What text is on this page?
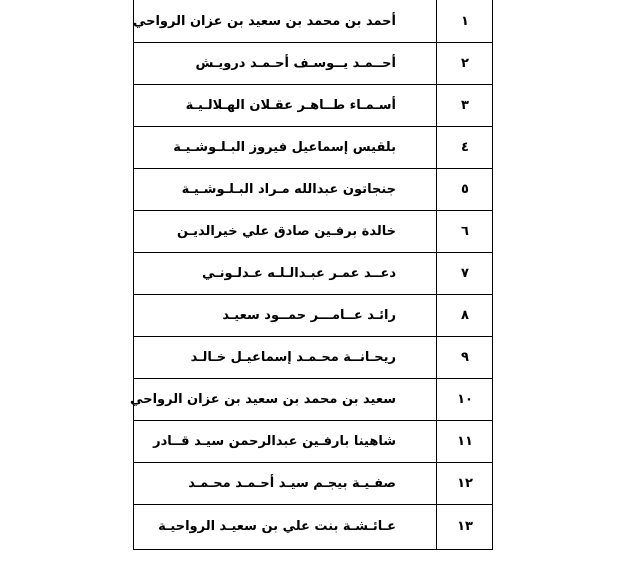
أحمد بن محمد بن سعيد بن عزان الرواحي	١
أحــمـد يــوسـف أحـمـد درويـش	٢
أسـمـاء طــاهـر عقـلان الهـلالـيـة	٣
بلقيس إسماعيل فيروز البـلـوشـيـة	٤
جنجاتون عبدالله مـراد البـلـوشـيـة	٥
خالدة برفـين صادق علي خيرالديـن	٦
دعــد عمـر عبـدالـلـه عـدلـونـي	٧
رائـد عــامـــر حمــود سعيـد	٨
ريحـانــة محـمـد إسماعيـل خـالـد	٩
سعيد بن محمد بن سعيد بن عزان الرواحي	١٠
شاهينا بارفـين عبدالرحمن سيـد قــادر	١١
صفـيـة بيجـم سيـد أحـمـد محـمـد	١٢
عـائـشـة بنت علي بن سعيـد الرواحيـة	١٣
